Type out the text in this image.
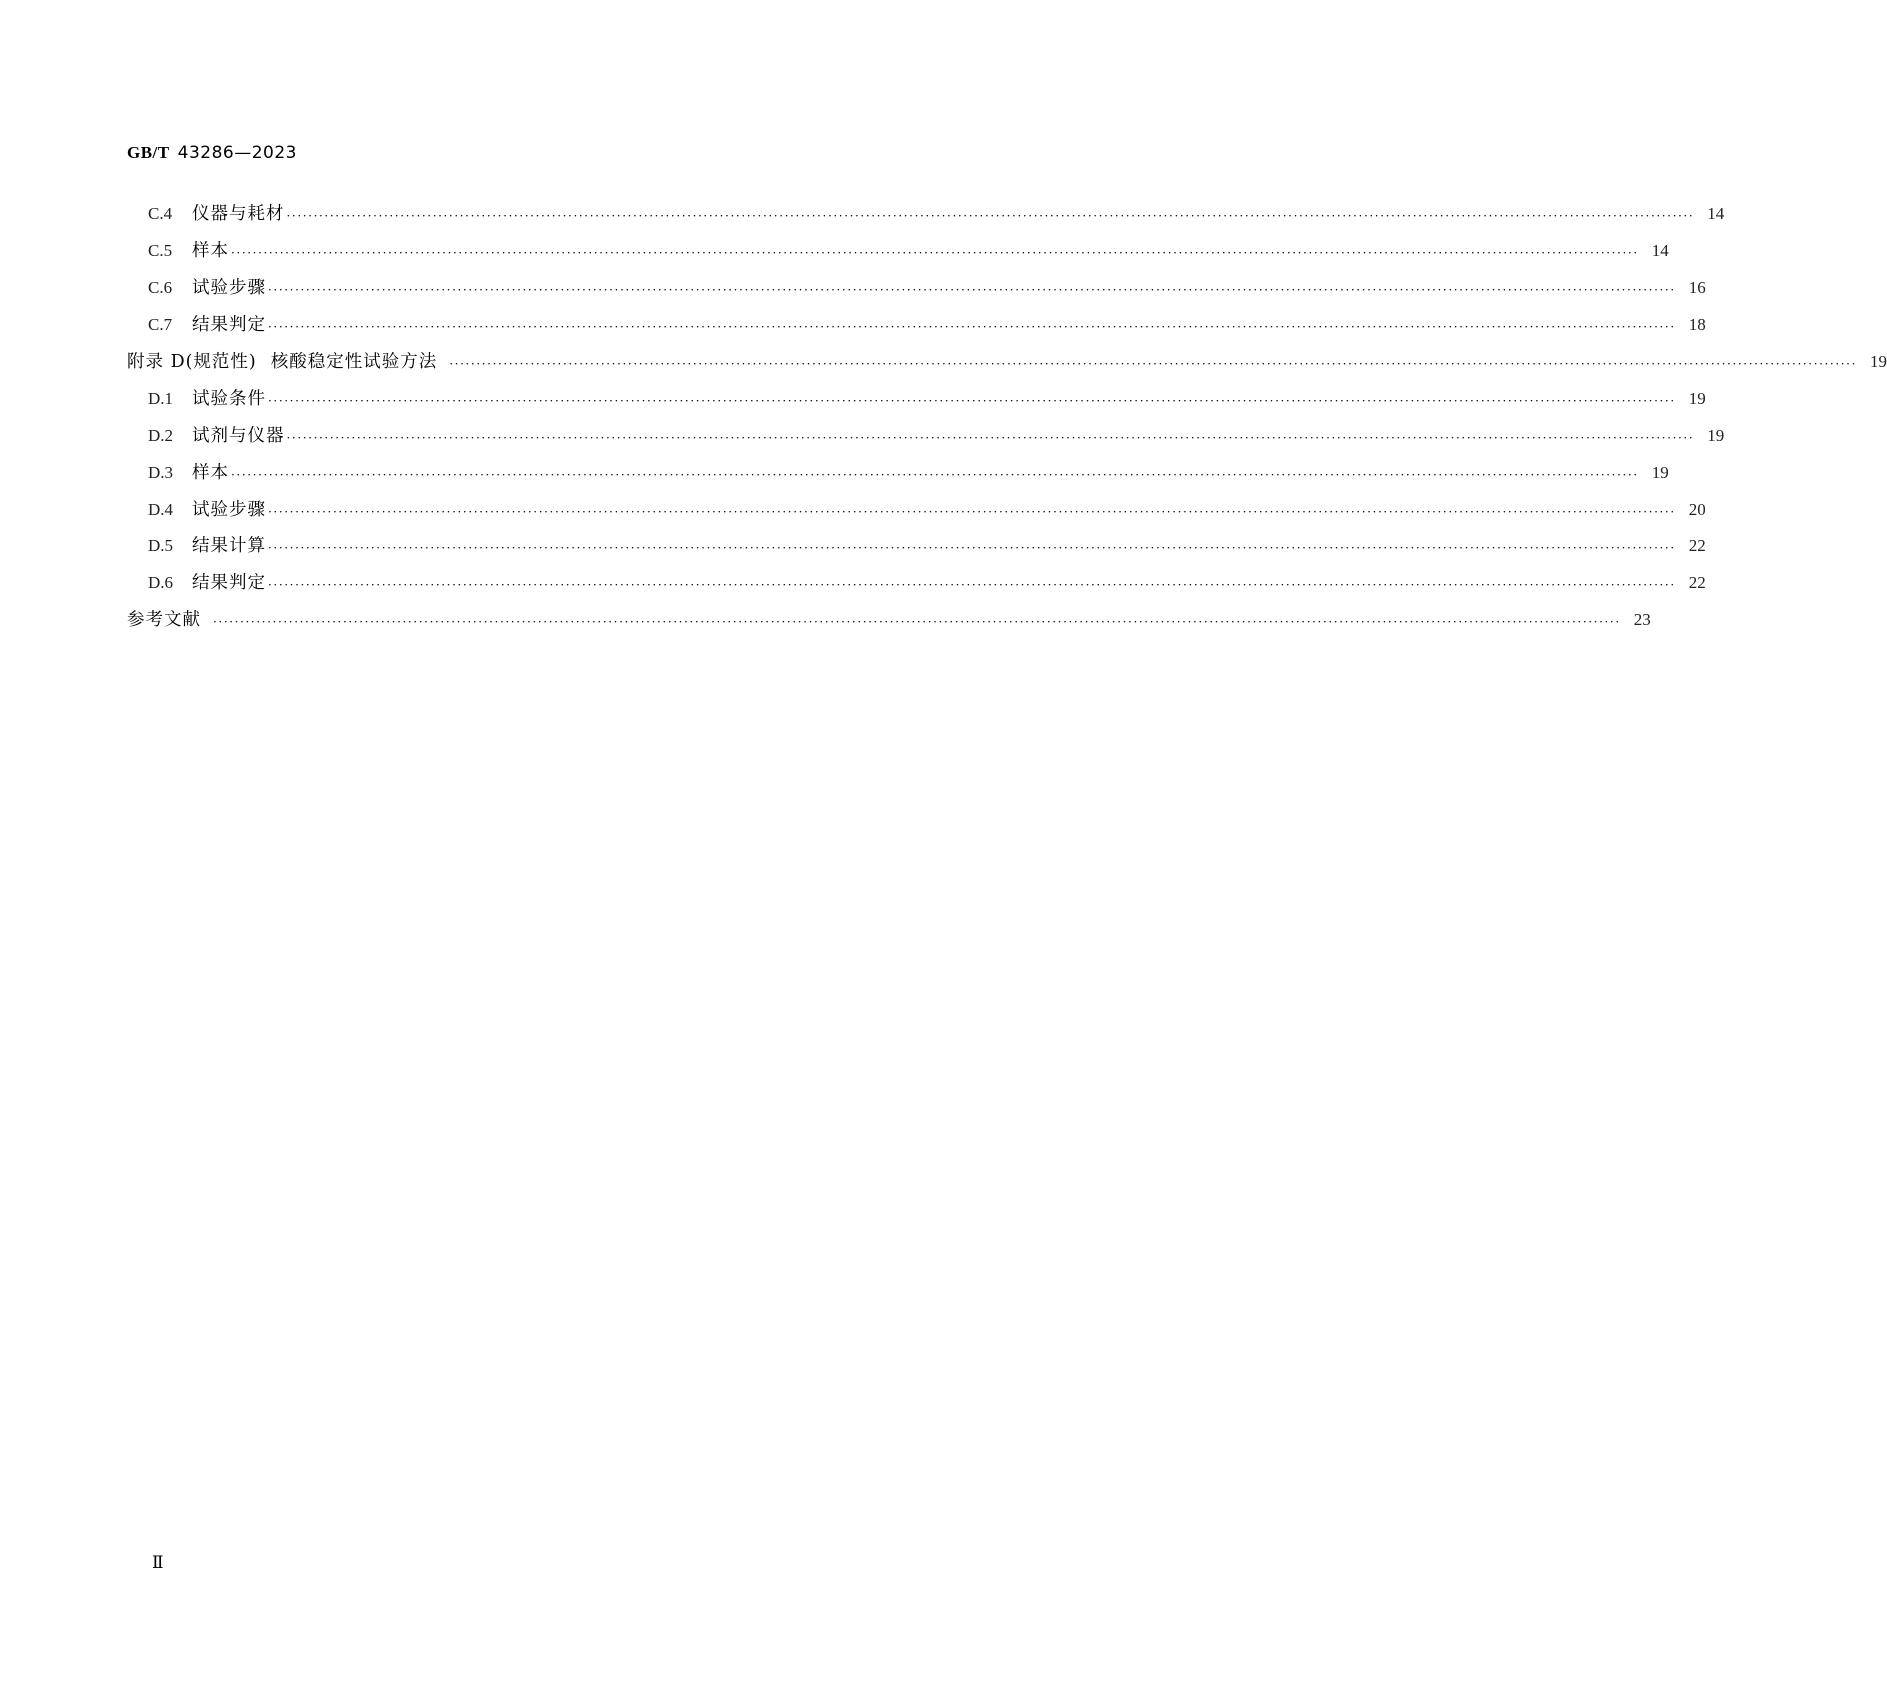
GB/T 43286—2023
C.4	仪器与耗材 ···································································································································································································································································· 14
C.5	样本 ···································································································································································································································································· 14
C.6	试验步骤 ···································································································································································································································································· 16
C.7	结果判定 ···································································································································································································································································· 18
附录 D(规范性) 核酸稳定性试验方法 ···································································································································································································································································· 19
D.1	试验条件 ···································································································································································································································································· 19
D.2	试剂与仪器 ···································································································································································································································································· 19
D.3	样本 ···································································································································································································································································· 19
D.4	试验步骤 ···································································································································································································································································· 20
D.5	结果计算 ···································································································································································································································································· 22
D.6	结果判定 ···································································································································································································································································· 22
参考文献 ···································································································································································································································································· 23
Ⅱ
